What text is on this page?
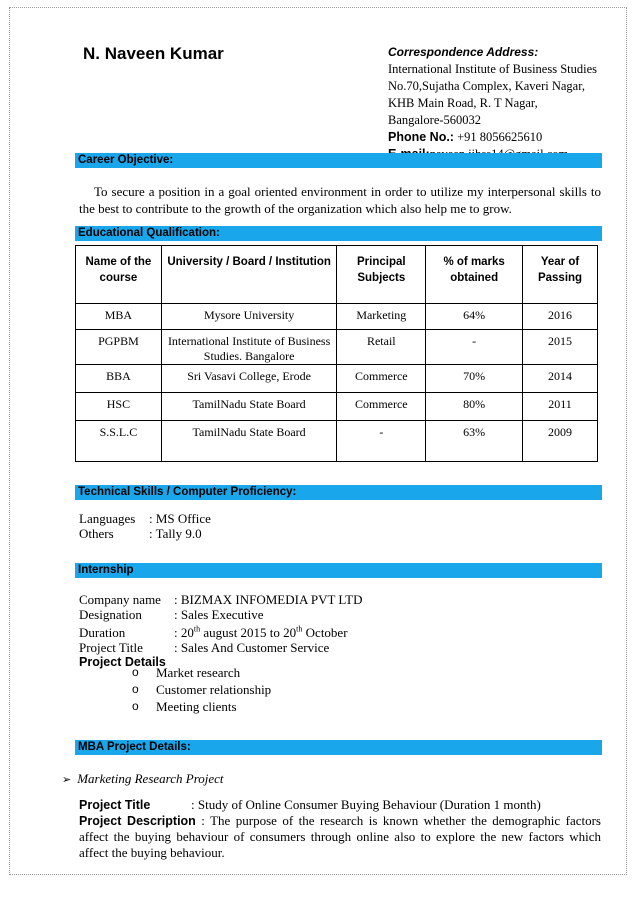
N. Naveen Kumar	Correspondence Address:
International Institute of Business Studies
No.70,Sujatha Complex, Kaveri Nagar,
KHB Main Road, R. T Nagar,
Bangalore-560032
Phone No.: +91 8056625610
Career Objective:
To secure a position in a goal oriented environment in order to utilize my interpersonal skills to the best to contribute to the growth of the organization which also help me to grow.
Educational Qualification:
Name of the course	University / Board / Institution	Principal Subjects	% of marks obtained	Year of Passing
MBA	Mysore University	Marketing	64%	2016
PGPBM	International Institute of Business Studies. Bangalore	Retail	-	2015
BBA	Sri Vasavi College, Erode	Commerce	70%	2014
HSC	TamilNadu State Board	Commerce	80%	2011
S.S.L.C	TamilNadu State Board	-	63%	2009
Technical Skills / Computer Proficiency:
Languages : MS Office
Others	: Tally 9.0
Internship
Company name : BIZMAX INFOMEDIA PVT LTD
Designation : Sales Executive
Duration	: 20th august 2015 to 20th October
Project Title : Sales And Customer Service
Project Details
o Market research
o Customer relationship
o Meeting clients
MBA Project Details:
➢ Marketing Research Project
Project Title	: Study of Online Consumer Buying Behaviour (Duration 1 month)
Project Description : The purpose of the research is known whether the demographic factors affect the buying behaviour of consumers through online also to explore the new factors which affect the buying behaviour.
